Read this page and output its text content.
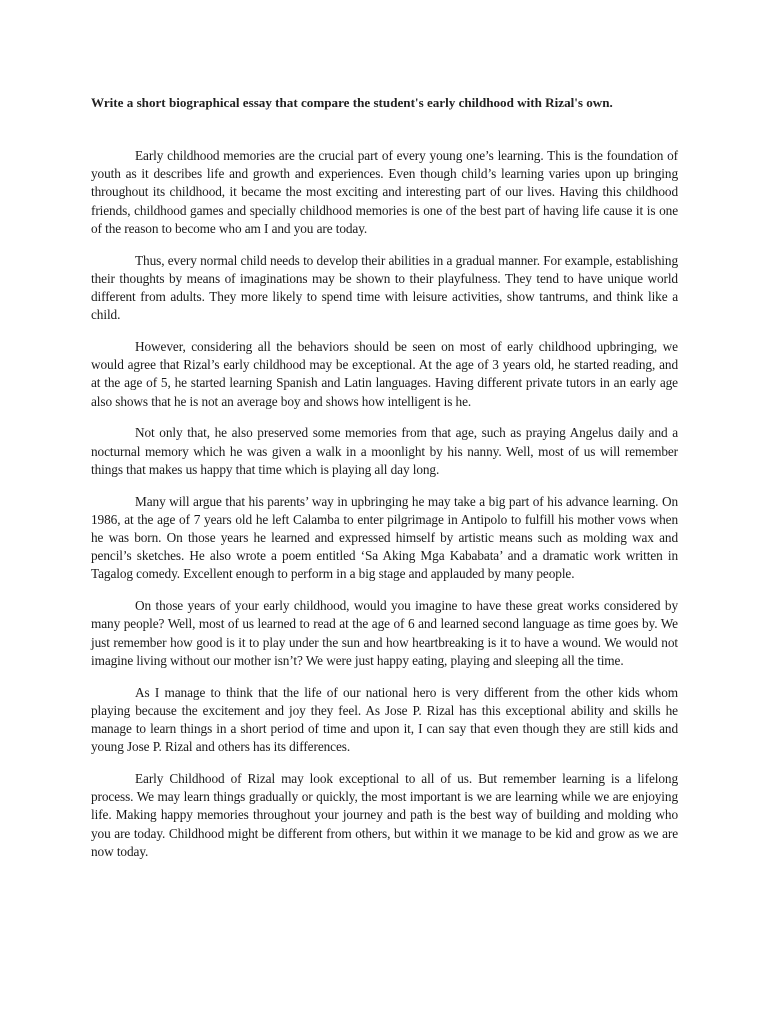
Write a short biographical essay that compare the student's early childhood with Rizal's own.

Early childhood memories are the crucial part of every young one’s learning. This is the foundation of youth as it describes life and growth and experiences. Even though child’s learning varies upon up bringing throughout its childhood, it became the most exciting and interesting part of our lives. Having this childhood friends, childhood games and specially childhood memories is one of the best part of having life cause it is one of the reason to become who am I and you are today.

Thus, every normal child needs to develop their abilities in a gradual manner. For example, establishing their thoughts by means of imaginations may be shown to their playfulness. They tend to have unique world different from adults. They more likely to spend time with leisure activities, show tantrums, and think like a child.

However, considering all the behaviors should be seen on most of early childhood upbringing, we would agree that Rizal’s early childhood may be exceptional. At the age of 3 years old, he started reading, and at the age of 5, he started learning Spanish and Latin languages. Having different private tutors in an early age also shows that he is not an average boy and shows how intelligent is he.

Not only that, he also preserved some memories from that age, such as praying Angelus daily and a nocturnal memory which he was given a walk in a moonlight by his nanny. Well, most of us will remember things that makes us happy that time which is playing all day long.

Many will argue that his parents’ way in upbringing he may take a big part of his advance learning. On 1986, at the age of 7 years old he left Calamba to enter pilgrimage in Antipolo to fulfill his mother vows when he was born. On those years he learned and expressed himself by artistic means such as molding wax and pencil’s sketches. He also wrote a poem entitled ‘Sa Aking Mga Kababata’ and a dramatic work written in Tagalog comedy. Excellent enough to perform in a big stage and applauded by many people.

On those years of your early childhood, would you imagine to have these great works considered by many people? Well, most of us learned to read at the age of 6 and learned second language as time goes by. We just remember how good is it to play under the sun and how heartbreaking is it to have a wound. We would not imagine living without our mother isn’t? We were just happy eating, playing and sleeping all the time.

As I manage to think that the life of our national hero is very different from the other kids whom playing because the excitement and joy they feel. As Jose P. Rizal has this exceptional ability and skills he manage to learn things in a short period of time and upon it, I can say that even though they are still kids and young Jose P. Rizal and others has its differences.

Early Childhood of Rizal may look exceptional to all of us. But remember learning is a lifelong process. We may learn things gradually or quickly, the most important is we are learning while we are enjoying life. Making happy memories throughout your journey and path is the best way of building and molding who you are today. Childhood might be different from others, but within it we manage to be kid and grow as we are now today.
